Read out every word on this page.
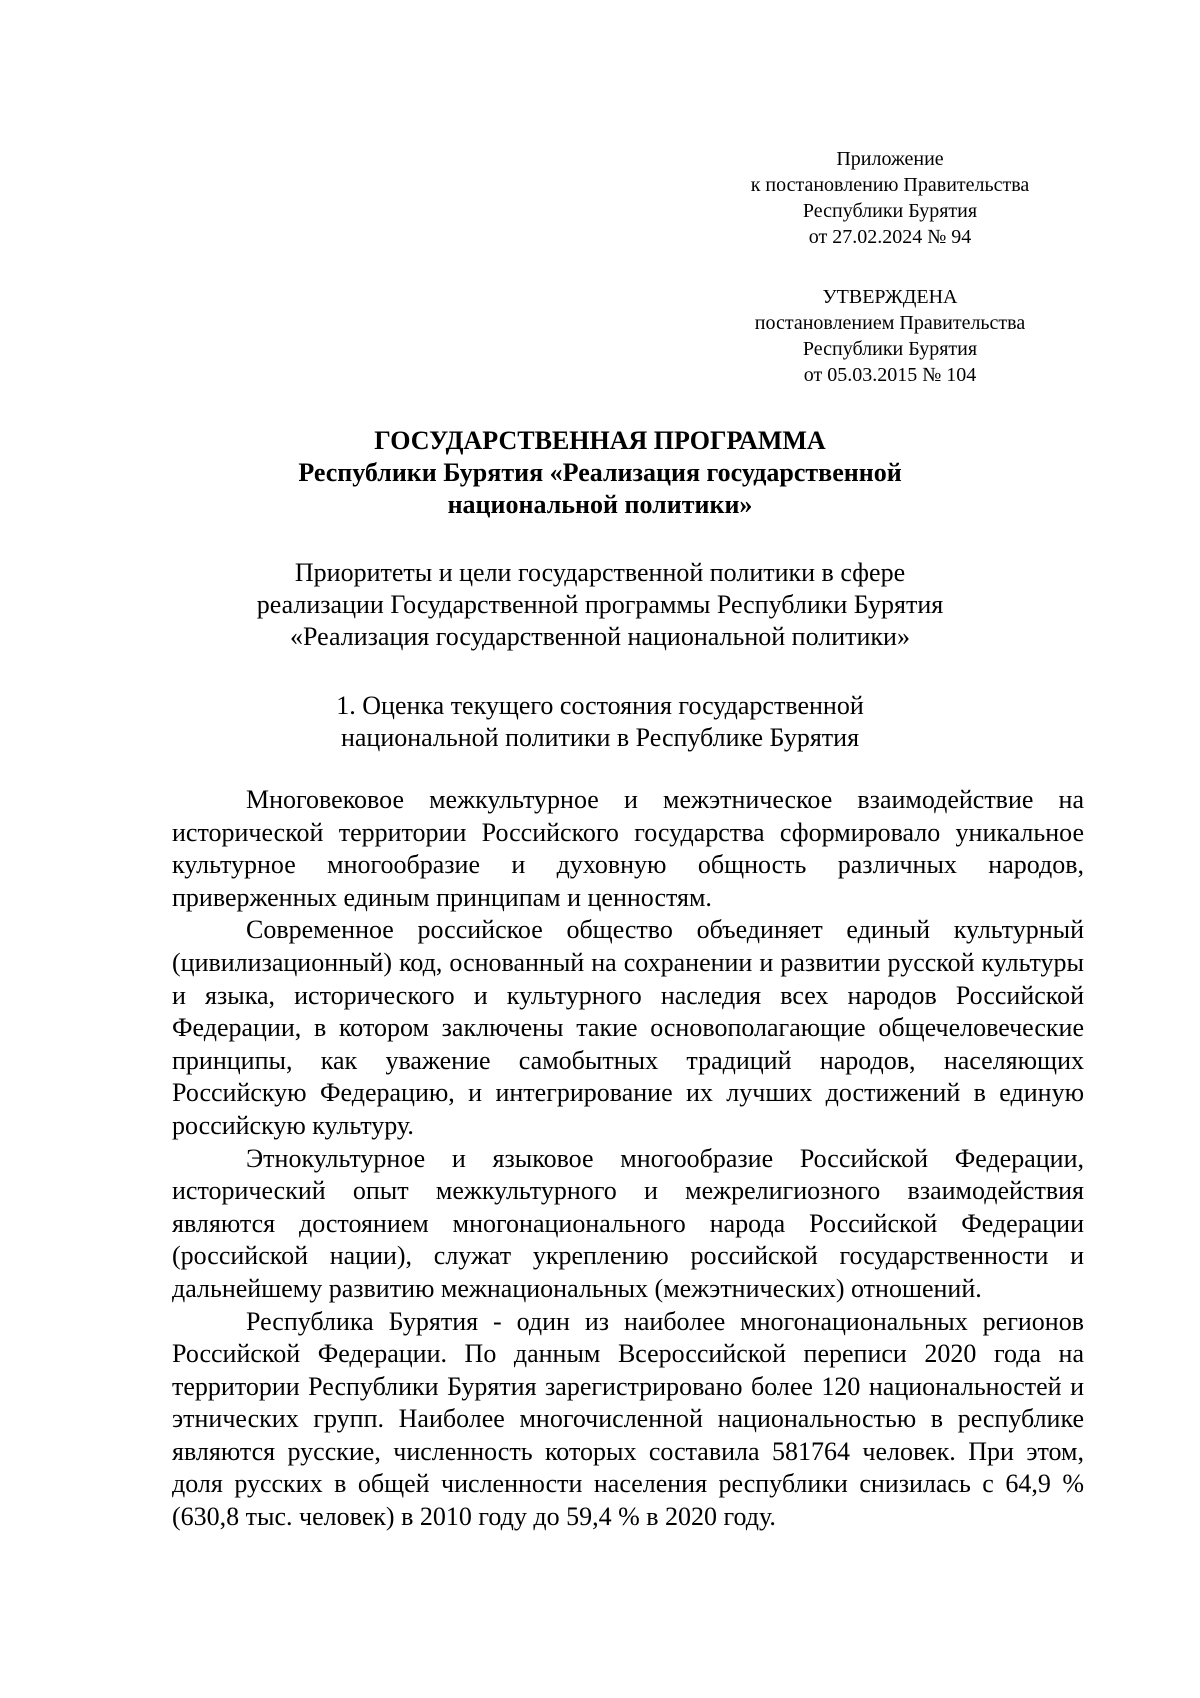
Приложение
к постановлению Правительства
Республики Бурятия
от 27.02.2024 № 94
УТВЕРЖДЕНА
постановлением Правительства
Республики Бурятия
от 05.03.2015 № 104
ГОСУДАРСТВЕННАЯ ПРОГРАММА
Республики Бурятия «Реализация государственной
национальной политики»
Приоритеты и цели государственной политики в сфере
реализации Государственной программы Республики Бурятия
«Реализация государственной национальной политики»
1. Оценка текущего состояния государственной
национальной политики в Республике Бурятия

Многовековое межкультурное и межэтническое взаимодействие на исторической территории Российского государства сформировало уникальное культурное многообразие и духовную общность различных народов, приверженных единым принципам и ценностям.

Современное российское общество объединяет единый культурный (цивилизационный) код, основанный на сохранении и развитии русской культуры и языка, исторического и культурного наследия всех народов Российской Федерации, в котором заключены такие основополагающие общечеловеческие принципы, как уважение самобытных традиций народов, населяющих Российскую Федерацию, и интегрирование их лучших достижений в единую российскую культуру.

Этнокультурное и языковое многообразие Российской Федерации, исторический опыт межкультурного и межрелигиозного взаимодействия являются достоянием многонационального народа Российской Федерации (российской нации), служат укреплению российской государственности и дальнейшему развитию межнациональных (межэтнических) отношений.

Республика Бурятия - один из наиболее многонациональных регионов Российской Федерации. По данным Всероссийской переписи 2020 года на территории Республики Бурятия зарегистрировано более 120 национальностей и этнических групп. Наиболее многочисленной национальностью в республике являются русские, численность которых составила 581764 человек. При этом, доля русских в общей численности населения республики снизилась с 64,9 % (630,8 тыс. человек) в 2010 году до 59,4 % в 2020 году.
